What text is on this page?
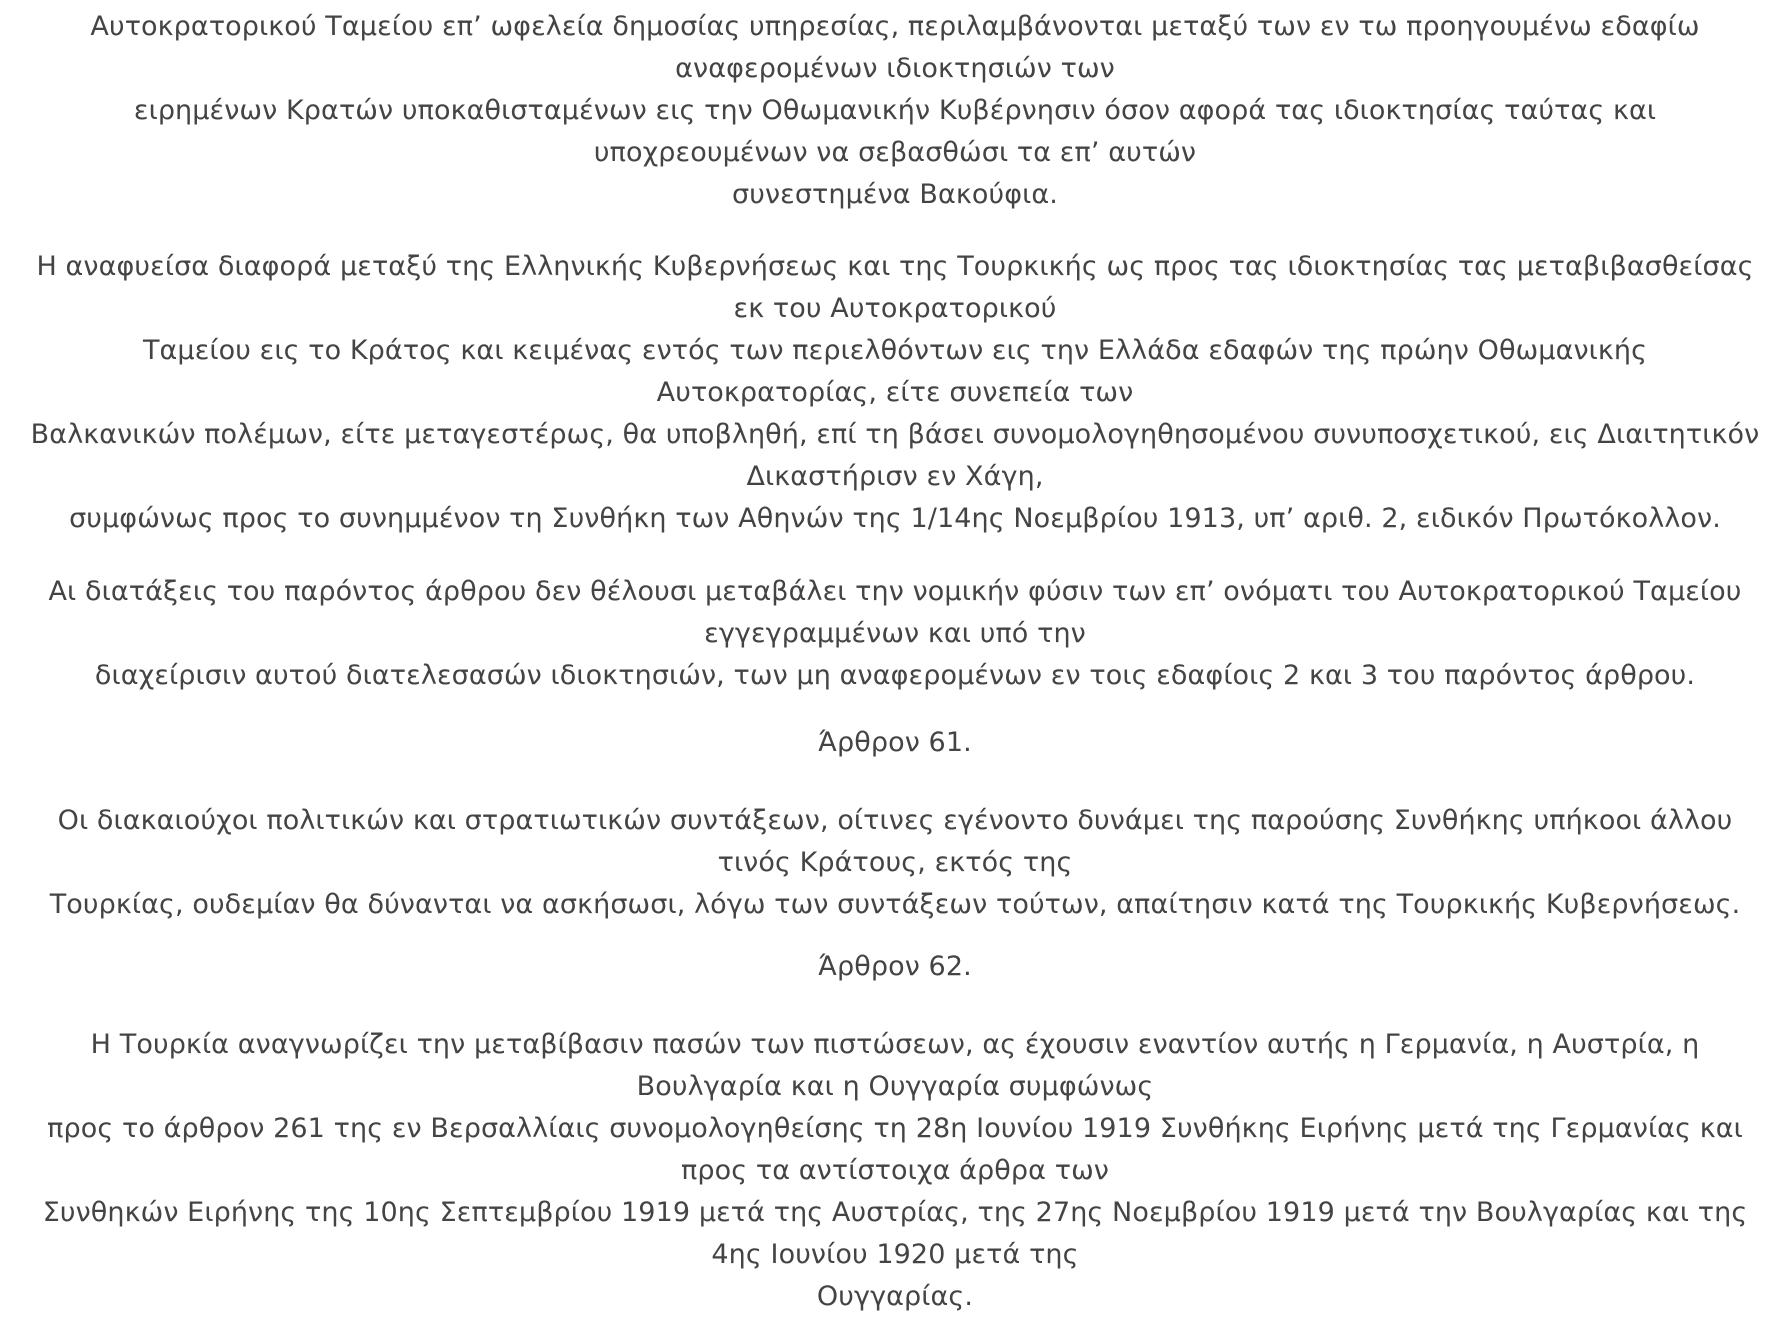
Αυτοκρατορικού Ταμείου επ’ ωφελεία δημοσίας υπηρεσίας, περιλαμβάνονται μεταξύ των εν τω προηγουμένω εδαφίω αναφερομένων ιδιοκτησιών των
ειρημένων Κρατών υποκαθισταμένων εις την Οθωμανικήν Κυβέρνησιν όσον αφορά τας ιδιοκτησίας ταύτας και υποχρεουμένων να σεβασθώσι τα επ’ αυτών
συνεστημένα Βακούφια.

Η αναφυείσα διαφορά μεταξύ της Ελληνικής Κυβερνήσεως και της Τουρκικής ως προς τας ιδιοκτησίας τας μεταβιβασθείσας εκ του Αυτοκρατορικού
Ταμείου εις το Κράτος και κειμένας εντός των περιελθόντων εις την Ελλάδα εδαφών της πρώην Οθωμανικής Αυτοκρατορίας, είτε συνεπεία των
Βαλκανικών πολέμων, είτε μεταγεστέρως, θα υποβληθή, επί τη βάσει συνομολογηθησομένου συνυποσχετικού, εις Διαιτητικόν Δικαστήρισν εν Χάγη,
συμφώνως προς το συνημμένον τη Συνθήκη των Αθηνών της 1/14ης Νοεμβρίου 1913, υπ’ αριθ. 2, ειδικόν Πρωτόκολλον.

Αι διατάξεις του παρόντος άρθρου δεν θέλουσι μεταβάλει την νομικήν φύσιν των επ’ ονόματι του Αυτοκρατορικού Ταμείου εγγεγραμμένων και υπό την
διαχείρισιν αυτού διατελεσασών ιδιοκτησιών, των μη αναφερομένων εν τοις εδαφίοις 2 και 3 του παρόντος άρθρου.

Άρθρον 61.

Οι διακαιούχοι πολιτικών και στρατιωτικών συντάξεων, οίτινες εγένοντο δυνάμει της παρούσης Συνθήκης υπήκοοι άλλου τινός Κράτους, εκτός της
Τουρκίας, ουδεμίαν θα δύνανται να ασκήσωσι, λόγω των συντάξεων τούτων, απαίτησιν κατά της Τουρκικής Κυβερνήσεως.

Άρθρον 62.

Η Τουρκία αναγνωρίζει την μεταβίβασιν πασών των πιστώσεων, ας έχουσιν εναντίον αυτής η Γερμανία, η Αυστρία, η Βουλγαρία και η Ουγγαρία συμφώνως
προς το άρθρον 261 της εν Βερσαλλίαις συνομολογηθείσης τη 28η Ιουνίου 1919 Συνθήκης Ειρήνης μετά της Γερμανίας και προς τα αντίστοιχα άρθρα των
Συνθηκών Ειρήνης της 10ης Σεπτεμβρίου 1919 μετά της Αυστρίας, της 27ης Νοεμβρίου 1919 μετά την Βουλγαρίας και της 4ης Ιουνίου 1920 μετά της
Ουγγαρίας.
